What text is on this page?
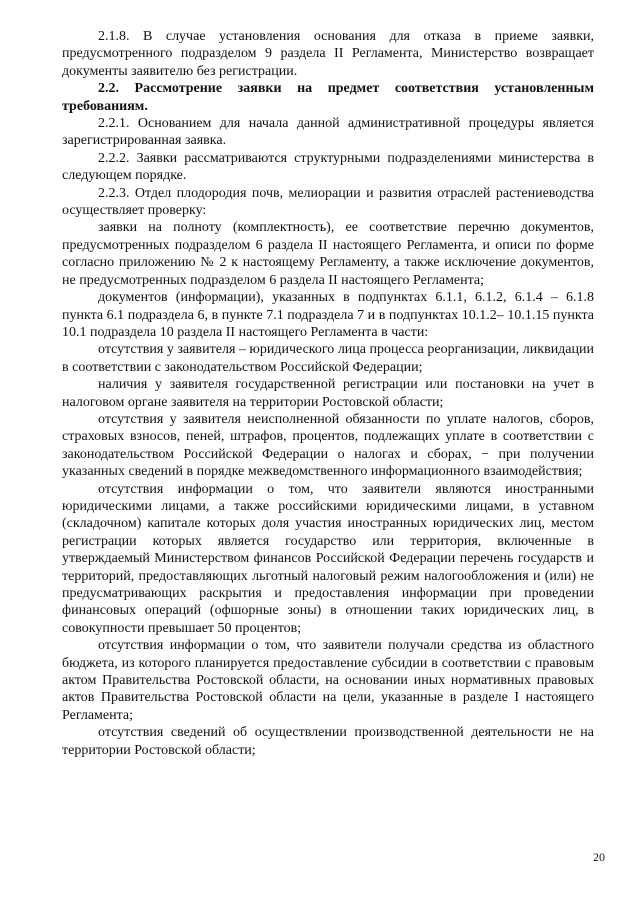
2.1.8. В случае установления основания для отказа в приеме заявки, предусмотренного подразделом 9 раздела II Регламента, Министерство возвращает документы заявителю без регистрации.

2.2. Рассмотрение заявки на предмет соответствия установленным требованиям.

2.2.1. Основанием для начала данной административной процедуры является зарегистрированная заявка.

2.2.2. Заявки рассматриваются структурными подразделениями министерства в следующем порядке.

2.2.3. Отдел плодородия почв, мелиорации и развития отраслей растениеводства осуществляет проверку:

заявки на полноту (комплектность), ее соответствие перечню документов, предусмотренных подразделом 6 раздела II настоящего Регламента, и описи по форме согласно приложению № 2 к настоящему Регламенту, а также исключение документов, не предусмотренных подразделом 6 раздела II настоящего Регламента;

документов (информации), указанных в подпунктах 6.1.1, 6.1.2, 6.1.4 – 6.1.8 пункта 6.1 подраздела 6, в пункте 7.1 подраздела 7 и в подпунктах 10.1.2– 10.1.15 пункта 10.1 подраздела 10 раздела II настоящего Регламента в части:

отсутствия у заявителя – юридического лица процесса реорганизации, ликвидации в соответствии с законодательством Российской Федерации;

наличия у заявителя государственной регистрации или постановки на учет в налоговом органе заявителя на территории Ростовской области;

отсутствия у заявителя неисполненной обязанности по уплате налогов, сборов, страховых взносов, пеней, штрафов, процентов, подлежащих уплате в соответствии с законодательством Российской Федерации о налогах и сборах, − при получении указанных сведений в порядке межведомственного информационного взаимодействия;

отсутствия информации о том, что заявители являются иностранными юридическими лицами, а также российскими юридическими лицами, в уставном (складочном) капитале которых доля участия иностранных юридических лиц, местом регистрации которых является государство или территория, включенные в утверждаемый Министерством финансов Российской Федерации перечень государств и территорий, предоставляющих льготный налоговый режим налогообложения и (или) не предусматривающих раскрытия и предоставления информации при проведении финансовых операций (офшорные зоны) в отношении таких юридических лиц, в совокупности превышает 50 процентов;

отсутствия информации о том, что заявители получали средства из областного бюджета, из которого планируется предоставление субсидии в соответствии с правовым актом Правительства Ростовской области, на основании иных нормативных правовых актов Правительства Ростовской области на цели, указанные в разделе I настоящего Регламента;

отсутствия сведений об осуществлении производственной деятельности не на территории Ростовской области;

20
